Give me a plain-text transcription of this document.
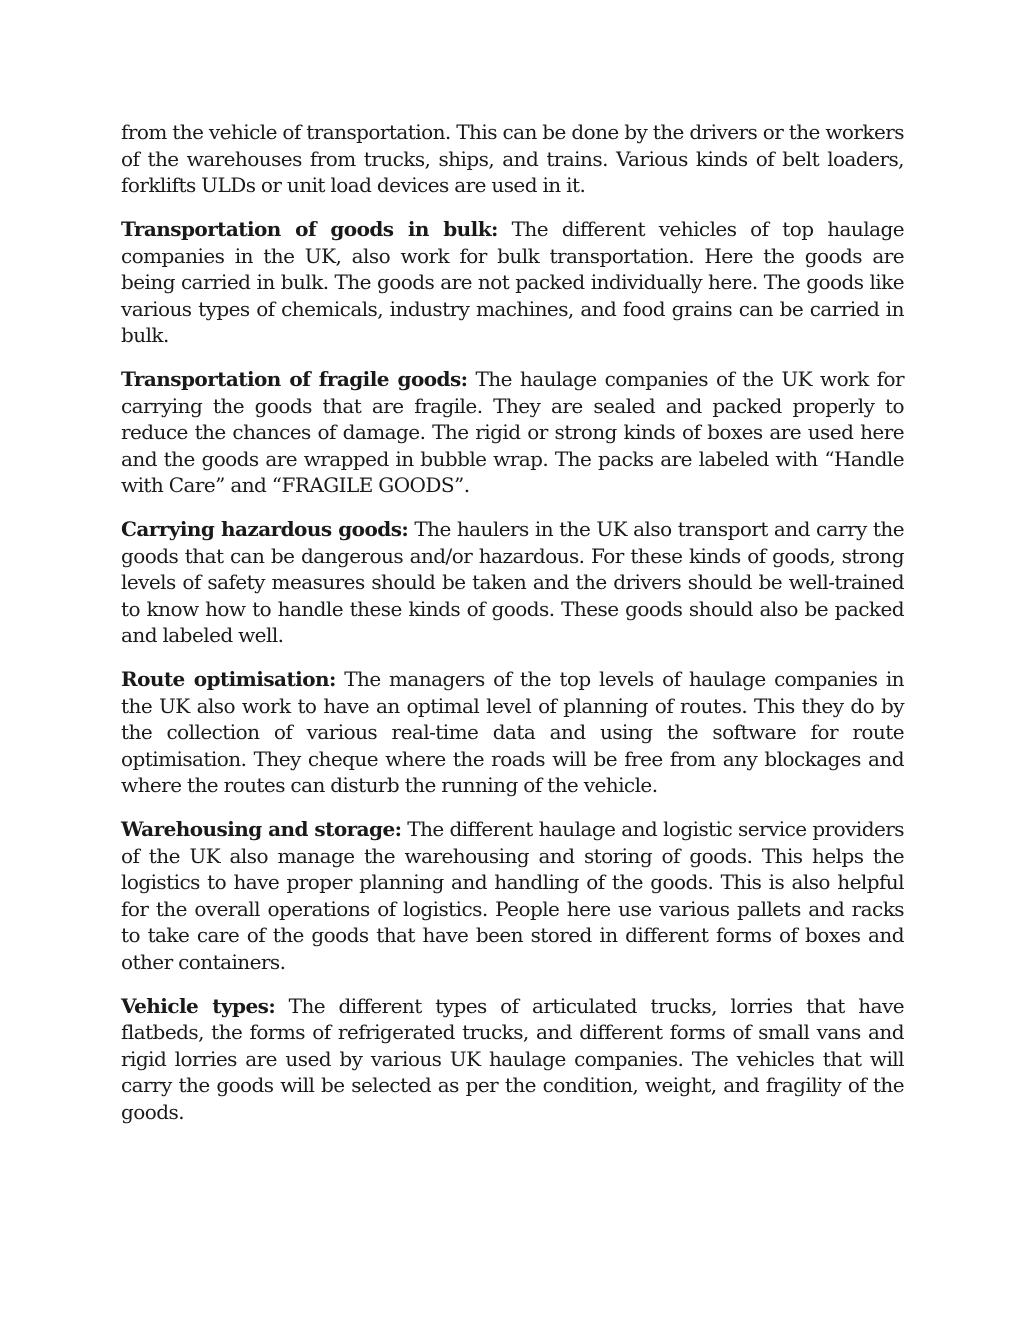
from the vehicle of transportation. This can be done by the drivers or the workers of the warehouses from trucks, ships, and trains. Various kinds of belt loaders, forklifts ULDs or unit load devices are used in it.

Transportation of goods in bulk: The different vehicles of top haulage companies in the UK, also work for bulk transportation. Here the goods are being carried in bulk. The goods are not packed individually here. The goods like various types of chemicals, industry machines, and food grains can be carried in bulk.

Transportation of fragile goods: The haulage companies of the UK work for carrying the goods that are fragile. They are sealed and packed properly to reduce the chances of damage. The rigid or strong kinds of boxes are used here and the goods are wrapped in bubble wrap. The packs are labeled with “Handle with Care” and “FRAGILE GOODS”.

Carrying hazardous goods: The haulers in the UK also transport and carry the goods that can be dangerous and/or hazardous. For these kinds of goods, strong levels of safety measures should be taken and the drivers should be well-trained to know how to handle these kinds of goods. These goods should also be packed and labeled well.

Route optimisation: The managers of the top levels of haulage companies in the UK also work to have an optimal level of planning of routes. This they do by the collection of various real-time data and using the software for route optimisation. They cheque where the roads will be free from any blockages and where the routes can disturb the running of the vehicle.

Warehousing and storage: The different haulage and logistic service providers of the UK also manage the warehousing and storing of goods. This helps the logistics to have proper planning and handling of the goods. This is also helpful for the overall operations of logistics. People here use various pallets and racks to take care of the goods that have been stored in different forms of boxes and other containers.

Vehicle types: The different types of articulated trucks, lorries that have flatbeds, the forms of refrigerated trucks, and different forms of small vans and rigid lorries are used by various UK haulage companies. The vehicles that will carry the goods will be selected as per the condition, weight, and fragility of the goods.
